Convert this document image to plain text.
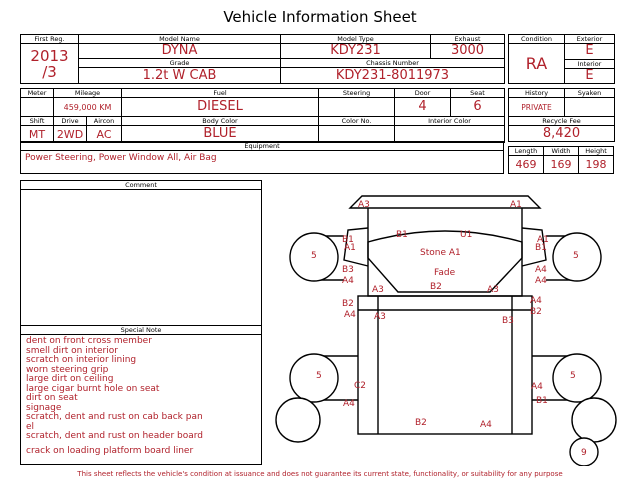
Vehicle Information Sheet
First Reg.	Model Name	Model Type	Exhaust

2013
/3	DYNA	KDY231	3000
	Grade	Chassis Number	
	1.2t W CAB	KDY231-8011973	
Condition	Exterior
RA	E
	Interior
	E
Meter	Mileage		Fuel	Steering	Door	Seat
	459,000 KM		DIESEL		4	6
Shift	Drive	Aircon	Body Color	Color No.	Interior Color	
MT	2WD	AC	BLUE			
History	Syaken
PRIVATE	
Recycle Fee	
8,420	
Equipment
Power Steering, Power Window All, Air Bag
Length	Width	Height
469	169	198
Comment
Special Note
dent on front cross member
smell dirt on interior
scratch on interior lining
worn steering grip
large dirt on ceiling
large cigar burnt hole on seat
dirt on seat
signage
scratch, dent and rust on cab back pan
el
scratch, dent and rust on header board
crack on loading platform board liner
A3	A1
B1
A1
B1	U1	A1
B1
Stone A1
5	5
B3	Fade	A4
A4	A4
A3	B2	A3
B2	A4
A4	B2
A3	B3
5	5
C2	A4
B1
A4
B2	A4
9
This sheet reflects the vehicle's condition at issuance and does not guarantee its current state, functionality, or suitability for any purpose
